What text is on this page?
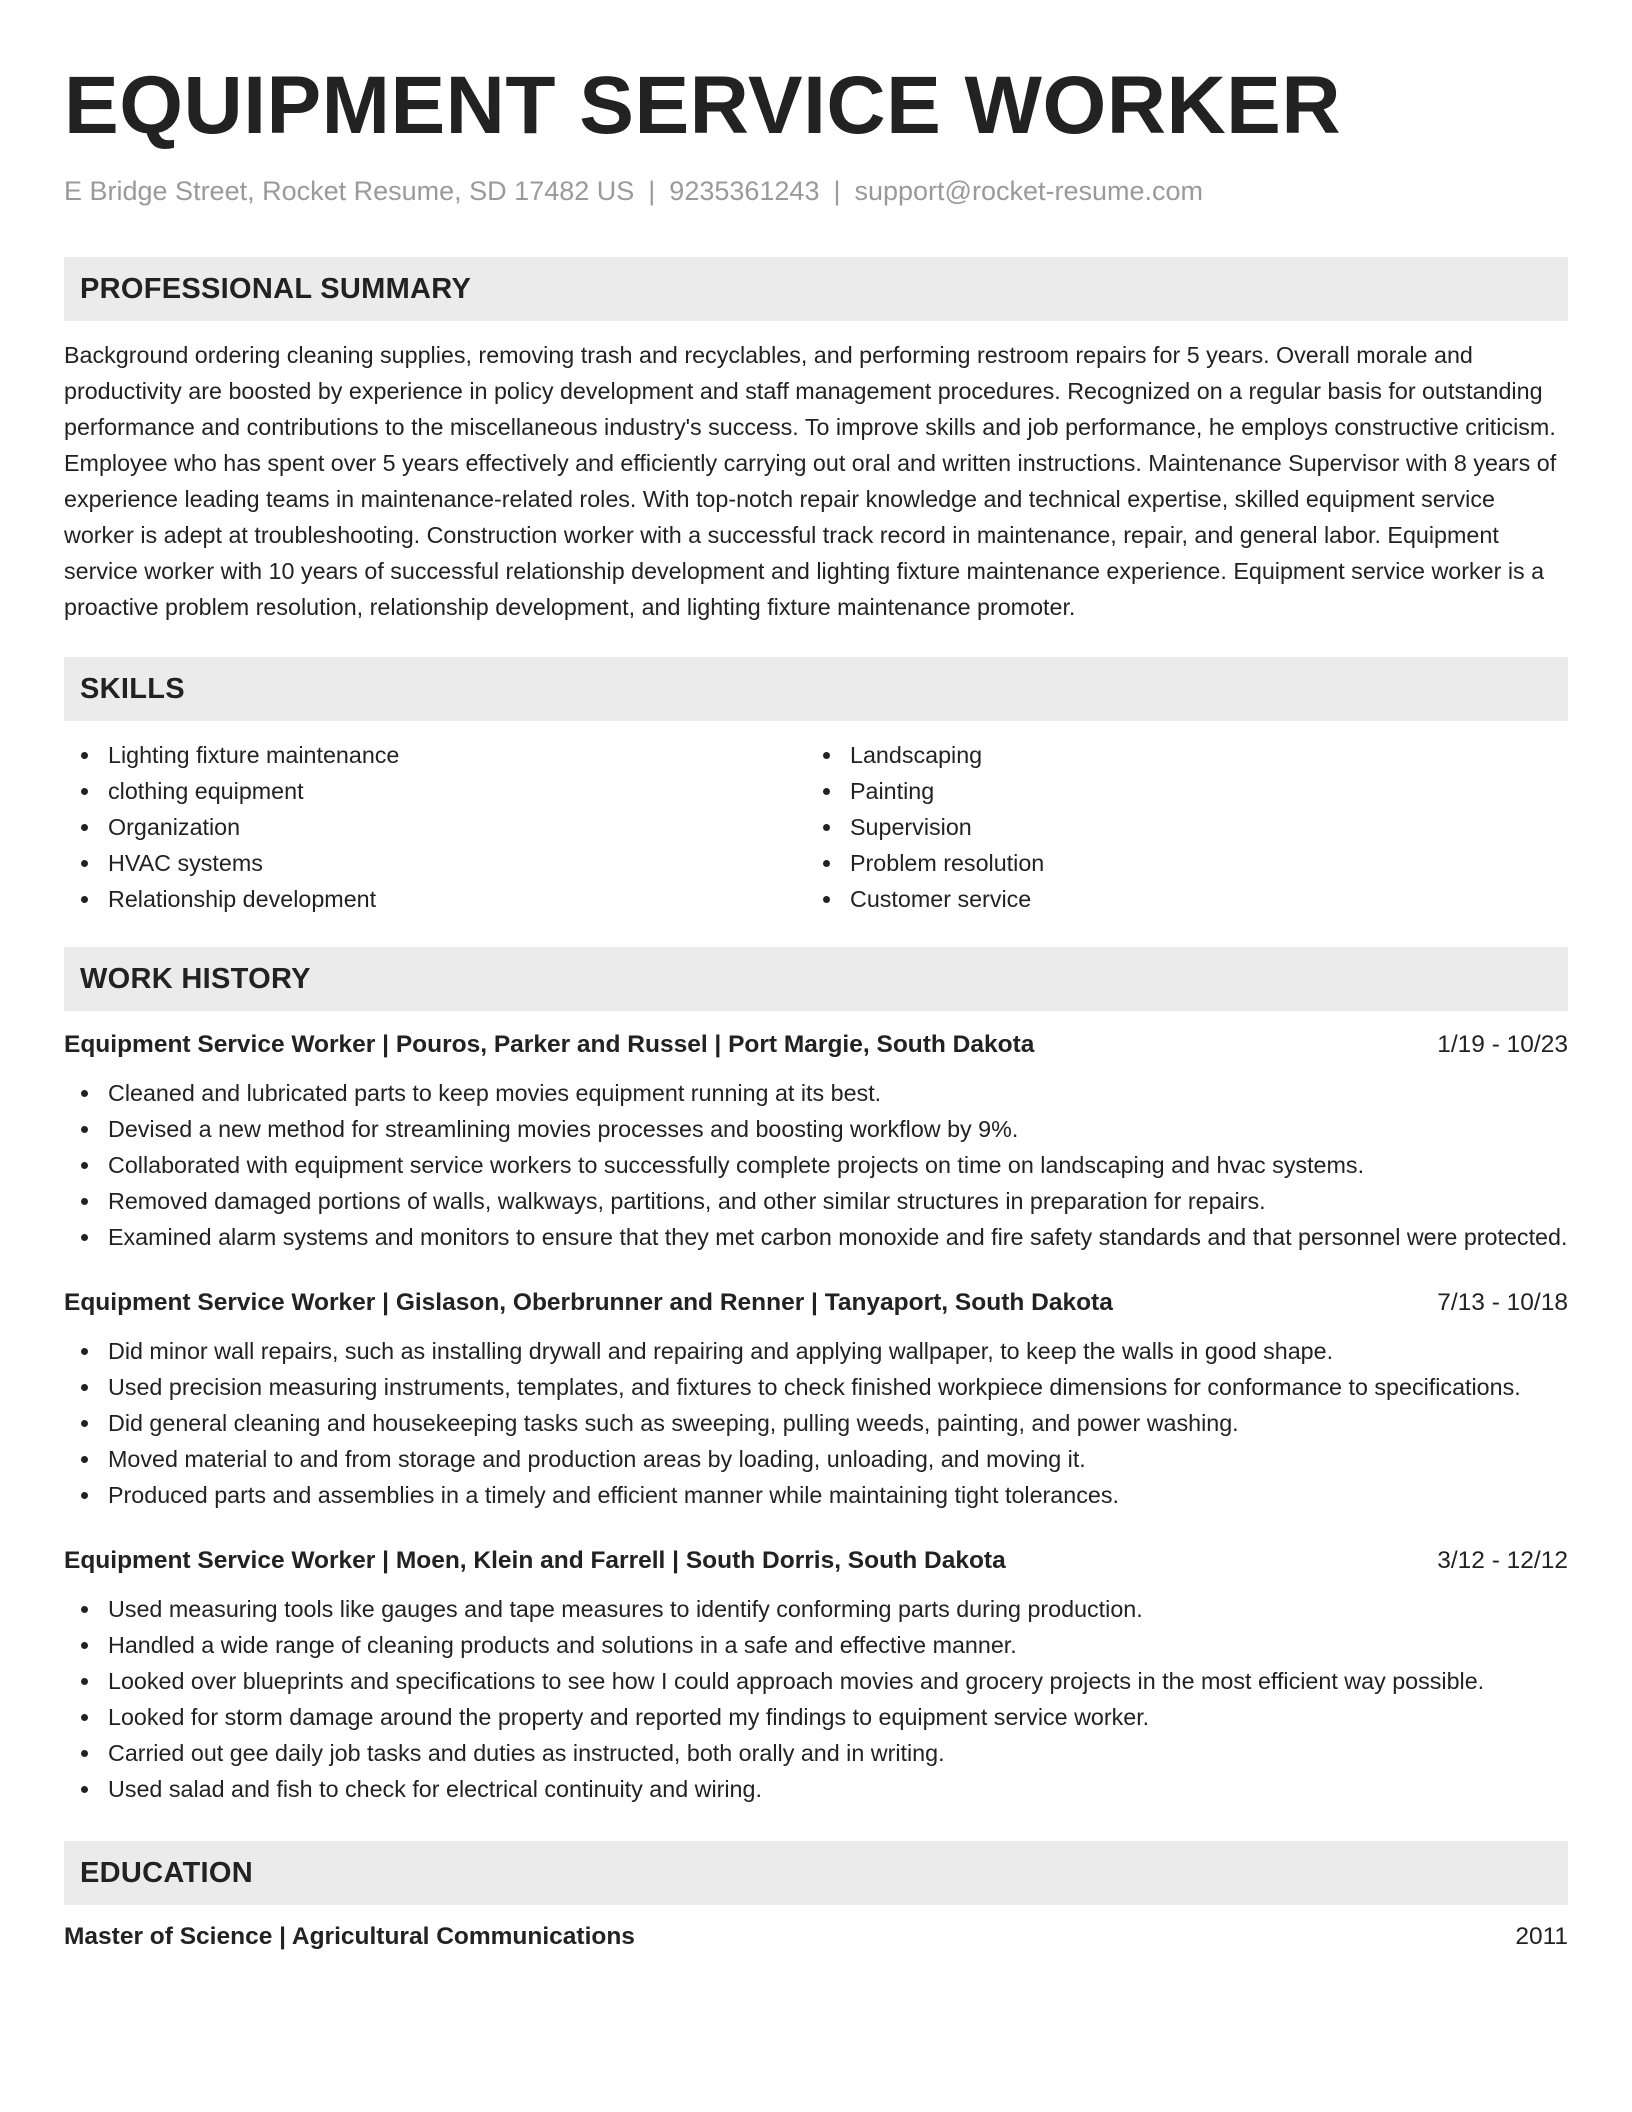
EQUIPMENT SERVICE WORKER
E Bridge Street, Rocket Resume, SD 17482 US | 9235361243 | support@rocket-resume.com
PROFESSIONAL SUMMARY
Background ordering cleaning supplies, removing trash and recyclables, and performing restroom repairs for 5 years. Overall morale and productivity are boosted by experience in policy development and staff management procedures. Recognized on a regular basis for outstanding performance and contributions to the miscellaneous industry's success. To improve skills and job performance, he employs constructive criticism. Employee who has spent over 5 years effectively and efficiently carrying out oral and written instructions. Maintenance Supervisor with 8 years of experience leading teams in maintenance-related roles. With top-notch repair knowledge and technical expertise, skilled equipment service worker is adept at troubleshooting. Construction worker with a successful track record in maintenance, repair, and general labor. Equipment service worker with 10 years of successful relationship development and lighting fixture maintenance experience. Equipment service worker is a proactive problem resolution, relationship development, and lighting fixture maintenance promoter.
SKILLS
Lighting fixture maintenance
clothing equipment
Organization
HVAC systems
Relationship development
Landscaping
Painting
Supervision
Problem resolution
Customer service
WORK HISTORY
Equipment Service Worker | Pouros, Parker and Russel | Port Margie, South Dakota	1/19 - 10/23
Cleaned and lubricated parts to keep movies equipment running at its best.
Devised a new method for streamlining movies processes and boosting workflow by 9%.
Collaborated with equipment service workers to successfully complete projects on time on landscaping and hvac systems.
Removed damaged portions of walls, walkways, partitions, and other similar structures in preparation for repairs.
Examined alarm systems and monitors to ensure that they met carbon monoxide and fire safety standards and that personnel were protected.
Equipment Service Worker | Gislason, Oberbrunner and Renner | Tanyaport, South Dakota	7/13 - 10/18
Did minor wall repairs, such as installing drywall and repairing and applying wallpaper, to keep the walls in good shape.
Used precision measuring instruments, templates, and fixtures to check finished workpiece dimensions for conformance to specifications.
Did general cleaning and housekeeping tasks such as sweeping, pulling weeds, painting, and power washing.
Moved material to and from storage and production areas by loading, unloading, and moving it.
Produced parts and assemblies in a timely and efficient manner while maintaining tight tolerances.
Equipment Service Worker | Moen, Klein and Farrell | South Dorris, South Dakota	3/12 - 12/12
Used measuring tools like gauges and tape measures to identify conforming parts during production.
Handled a wide range of cleaning products and solutions in a safe and effective manner.
Looked over blueprints and specifications to see how I could approach movies and grocery projects in the most efficient way possible.
Looked for storm damage around the property and reported my findings to equipment service worker.
Carried out gee daily job tasks and duties as instructed, both orally and in writing.
Used salad and fish to check for electrical continuity and wiring.
EDUCATION
Master of Science | Agricultural Communications	2011
